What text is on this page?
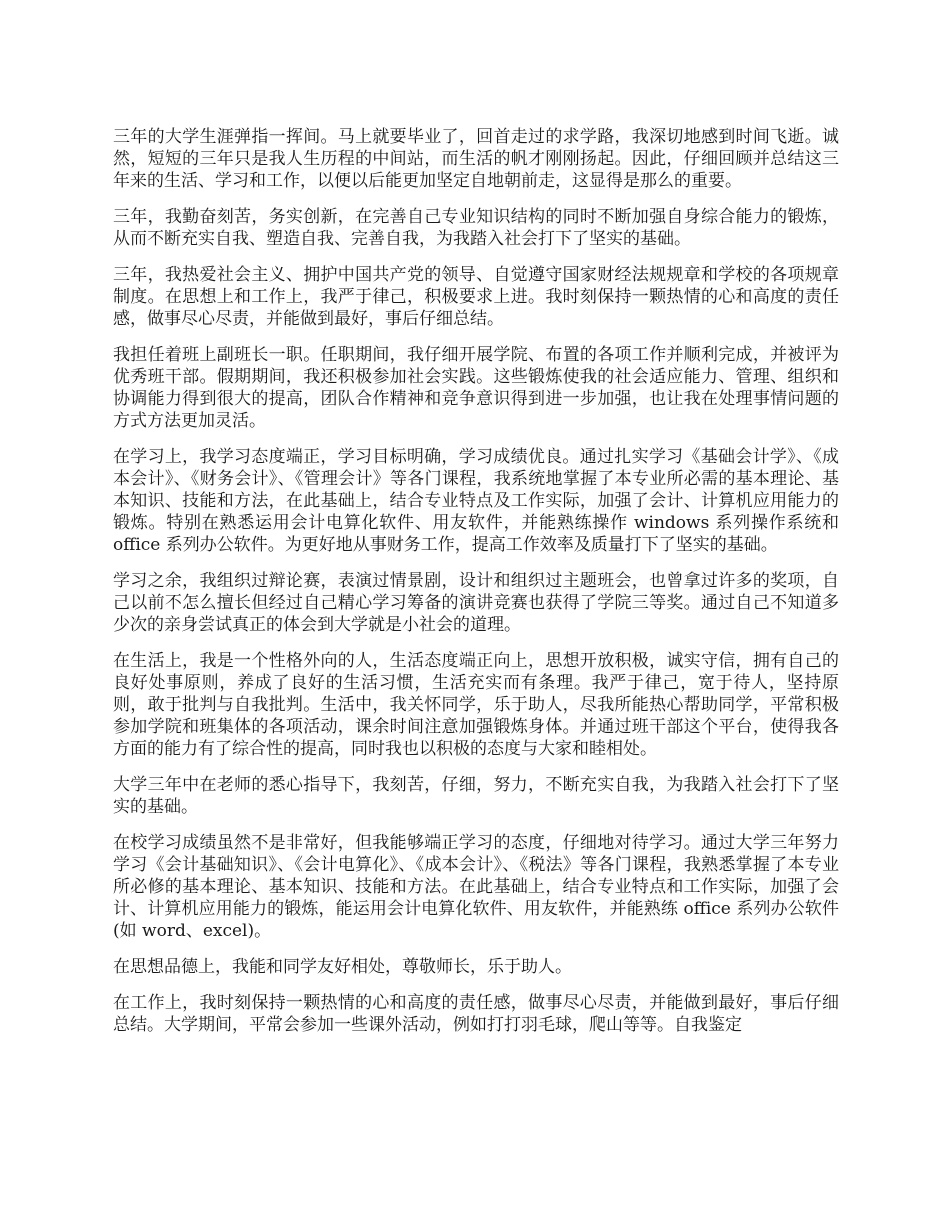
三年的大学生涯弹指一挥间。马上就要毕业了，回首走过的求学路，我深切地感到时间飞逝。诚然，短短的三年只是我人生历程的中间站，而生活的帆才刚刚扬起。因此，仔细回顾并总结这三年来的生活、学习和工作，以便以后能更加坚定自地朝前走，这显得是那么的重要。

三年，我勤奋刻苦，务实创新，在完善自己专业知识结构的同时不断加强自身综合能力的锻炼，从而不断充实自我、塑造自我、完善自我，为我踏入社会打下了坚实的基础。

三年，我热爱社会主义、拥护中国共产党的领导、自觉遵守国家财经法规规章和学校的各项规章制度。在思想上和工作上，我严于律己，积极要求上进。我时刻保持一颗热情的心和高度的责任感，做事尽心尽责，并能做到最好，事后仔细总结。

我担任着班上副班长一职。任职期间，我仔细开展学院、布置的各项工作并顺利完成，并被评为优秀班干部。假期期间，我还积极参加社会实践。这些锻炼使我的社会适应能力、管理、组织和协调能力得到很大的提高，团队合作精神和竞争意识得到进一步加强，也让我在处理事情问题的方式方法更加灵活。

在学习上，我学习态度端正，学习目标明确，学习成绩优良。通过扎实学习《基础会计学》、《成本会计》、《财务会计》、《管理会计》等各门课程，我系统地掌握了本专业所必需的基本理论、基本知识、技能和方法，在此基础上，结合专业特点及工作实际，加强了会计、计算机应用能力的锻炼。特别在熟悉运用会计电算化软件、用友软件，并能熟练操作 windows 系列操作系统和 office 系列办公软件。为更好地从事财务工作，提高工作效率及质量打下了坚实的基础。

学习之余，我组织过辩论赛，表演过情景剧，设计和组织过主题班会，也曾拿过许多的奖项，自己以前不怎么擅长但经过自己精心学习筹备的演讲竞赛也获得了学院三等奖。通过自己不知道多少次的亲身尝试真正的体会到大学就是小社会的道理。

在生活上，我是一个性格外向的人，生活态度端正向上，思想开放积极，诚实守信，拥有自己的良好处事原则，养成了良好的生活习惯，生活充实而有条理。我严于律己，宽于待人，坚持原则，敢于批判与自我批判。生活中，我关怀同学，乐于助人，尽我所能热心帮助同学，平常积极参加学院和班集体的各项活动，课余时间注意加强锻炼身体。并通过班干部这个平台，使得我各方面的能力有了综合性的提高，同时我也以积极的态度与大家和睦相处。

大学三年中在老师的悉心指导下，我刻苦，仔细，努力，不断充实自我，为我踏入社会打下了坚实的基础。

在校学习成绩虽然不是非常好，但我能够端正学习的态度，仔细地对待学习。通过大学三年努力学习《会计基础知识》、《会计电算化》、《成本会计》、《税法》等各门课程，我熟悉掌握了本专业所必修的基本理论、基本知识、技能和方法。在此基础上，结合专业特点和工作实际，加强了会计、计算机应用能力的锻炼，能运用会计电算化软件、用友软件，并能熟练 office 系列办公软件(如 word、excel)。

在思想品德上，我能和同学友好相处，尊敬师长，乐于助人。

在工作上，我时刻保持一颗热情的心和高度的责任感，做事尽心尽责，并能做到最好，事后仔细总结。大学期间，平常会参加一些课外活动，例如打打羽毛球，爬山等等。自我鉴定
